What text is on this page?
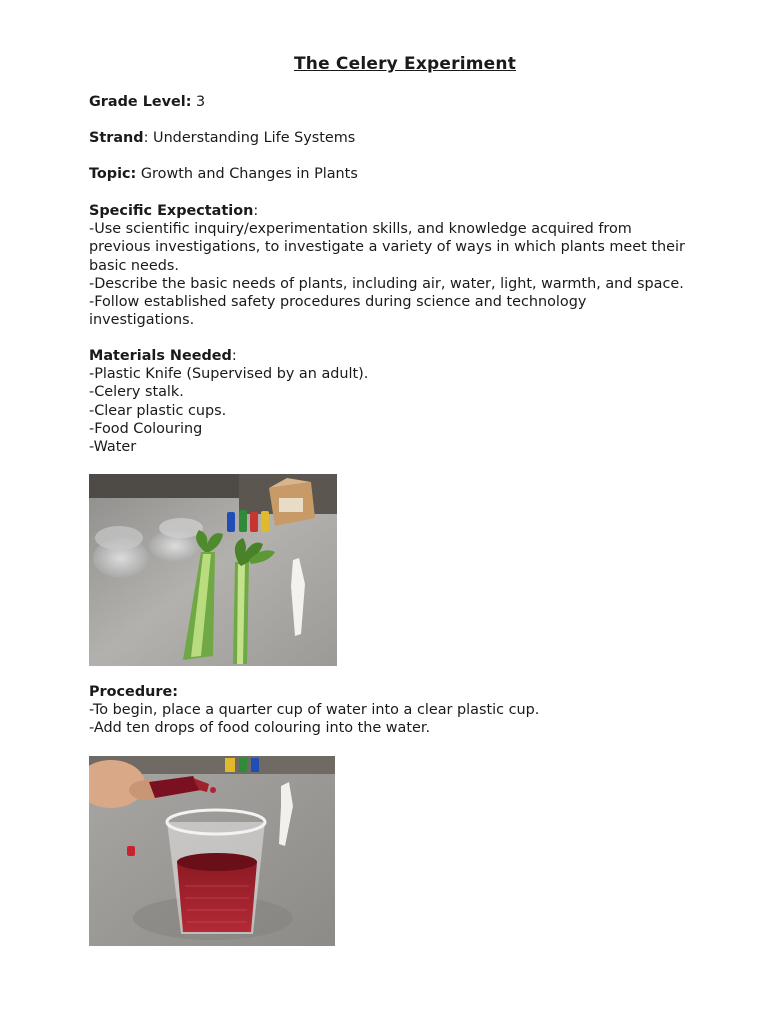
The Celery Experiment
Grade Level: 3
Strand: Understanding Life Systems
Topic: Growth and Changes in Plants
Specific Expectation:
-Use scientific inquiry/experimentation skills, and knowledge acquired from
previous investigations, to investigate a variety of ways in which plants meet their
basic needs.
-Describe the basic needs of plants, including air, water, light, warmth, and space.
-Follow established safety procedures during science and technology
investigations.
Materials Needed:
-Plastic Knife (Supervised by an adult).
-Celery stalk.
-Clear plastic cups.
-Food Colouring
-Water
Procedure:
-To begin, place a quarter cup of water into a clear plastic cup.
-Add ten drops of food colouring into the water.
